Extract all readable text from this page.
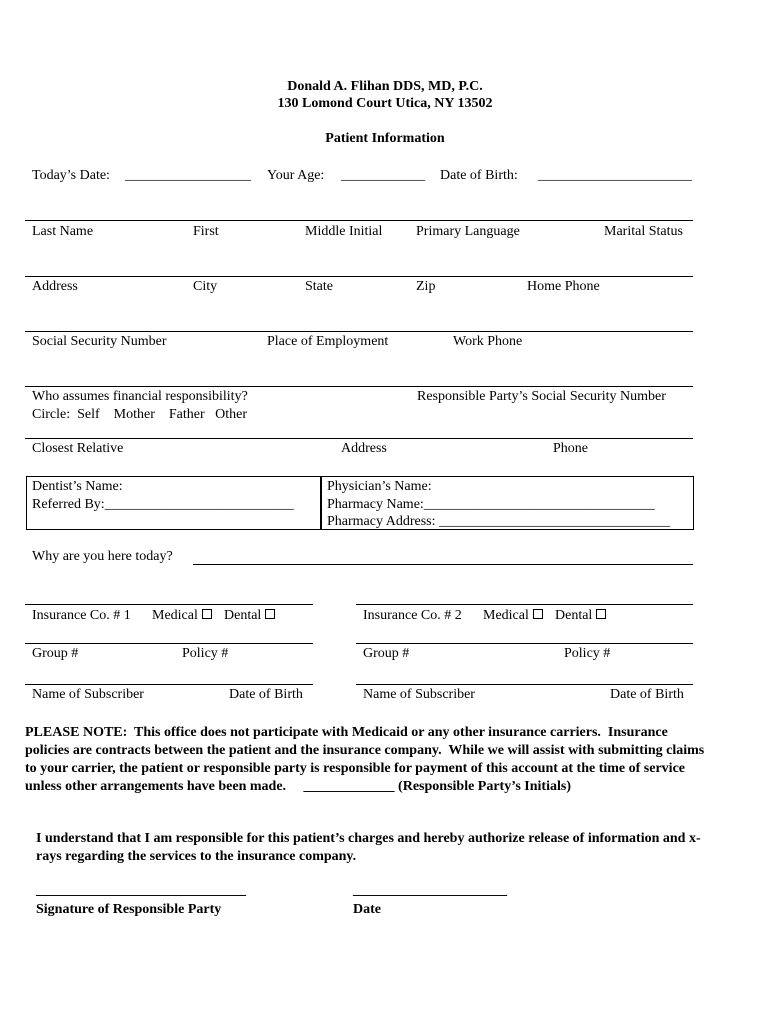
Donald A. Flihan DDS, MD, P.C.
130 Lomond Court Utica, NY 13502
Patient Information
Today’s Date: __________________ Your Age: ____________ Date of Birth: ______________________
Last Name	First	Middle Initial Primary Language	Marital Status
Address	City	State	Zip	Home Phone
Social Security Number	Place of Employment	Work Phone
Who assumes financial responsibility?
Circle:  Self    Mother    Father   Other
Responsible Party’s Social Security Number
Closest Relative	Address	Phone
Dentist’s Name:
Referred By:___________________________
Physician’s Name:
Pharmacy Name:_________________________________
Pharmacy Address: _________________________________
Why are you here today?
Insurance Co. # 1 Medical	Dental
Group #	Policy #
Name of Subscriber	Date of Birth
Insurance Co. # 2 Medical	Dental
Group #	Policy #
Name of Subscriber	Date of Birth
PLEASE NOTE:  This office does not participate with Medicaid or any other insurance carriers.  Insurance policies are contracts between the patient and the insurance company.  While we will assist with submitting claims to your carrier, the patient or responsible party is responsible for payment of this account at the time of service unless other arrangements have been made.     _____________ (Responsible Party’s Initials)
I understand that I am responsible for this patient’s charges and hereby authorize release of information and x-rays regarding the services to the insurance company.
______________________________
Signature of Responsible Party
______________________
Date
